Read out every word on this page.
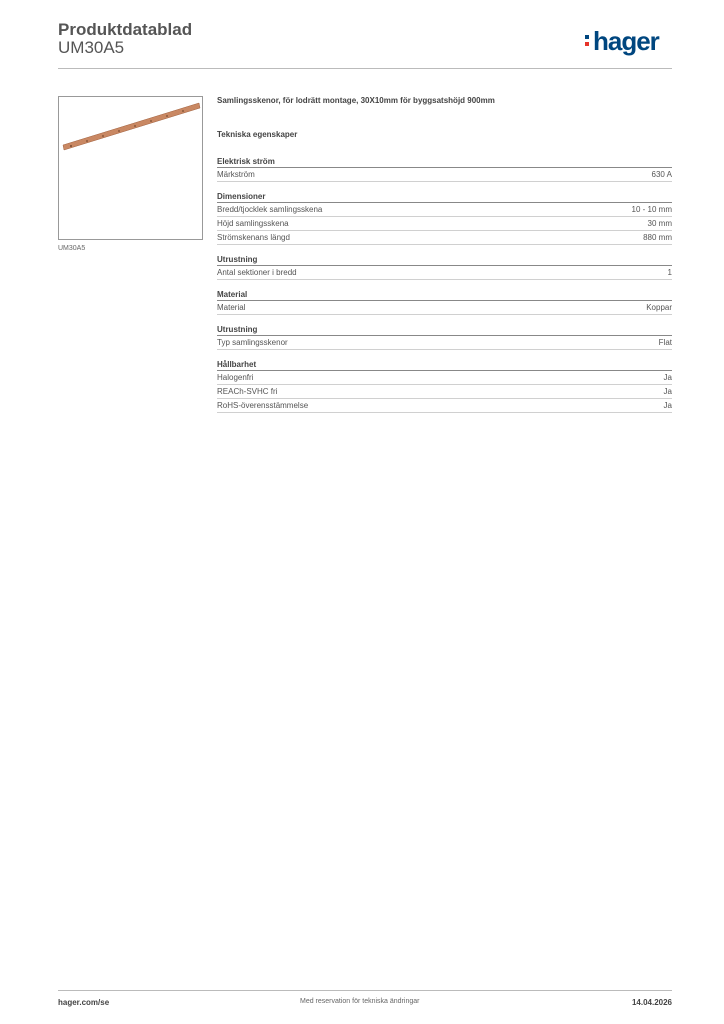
Produktdatablad
UM30A5	hager
UM30A5

Samlingsskenor, för lodrätt montage, 30X10mm för byggsatshöjd 900mm

Tekniska egenskaper

Elektrisk ström
Märkström	630 A
Dimensioner
Bredd/tjocklek samlingsskena	10 - 10 mm
Höjd samlingsskena	30 mm
Strömskenans längd	880 mm
Utrustning
Antal sektioner i bredd	1
Material
Material	Koppar
Utrustning
Typ samlingsskenor	Flat
Hållbarhet
Halogenfri	Ja
REACh-SVHC fri	Ja
RoHS-överensstämmelse	Ja
hager.com/se	Med reservation för tekniska ändringar	14.04.2026
